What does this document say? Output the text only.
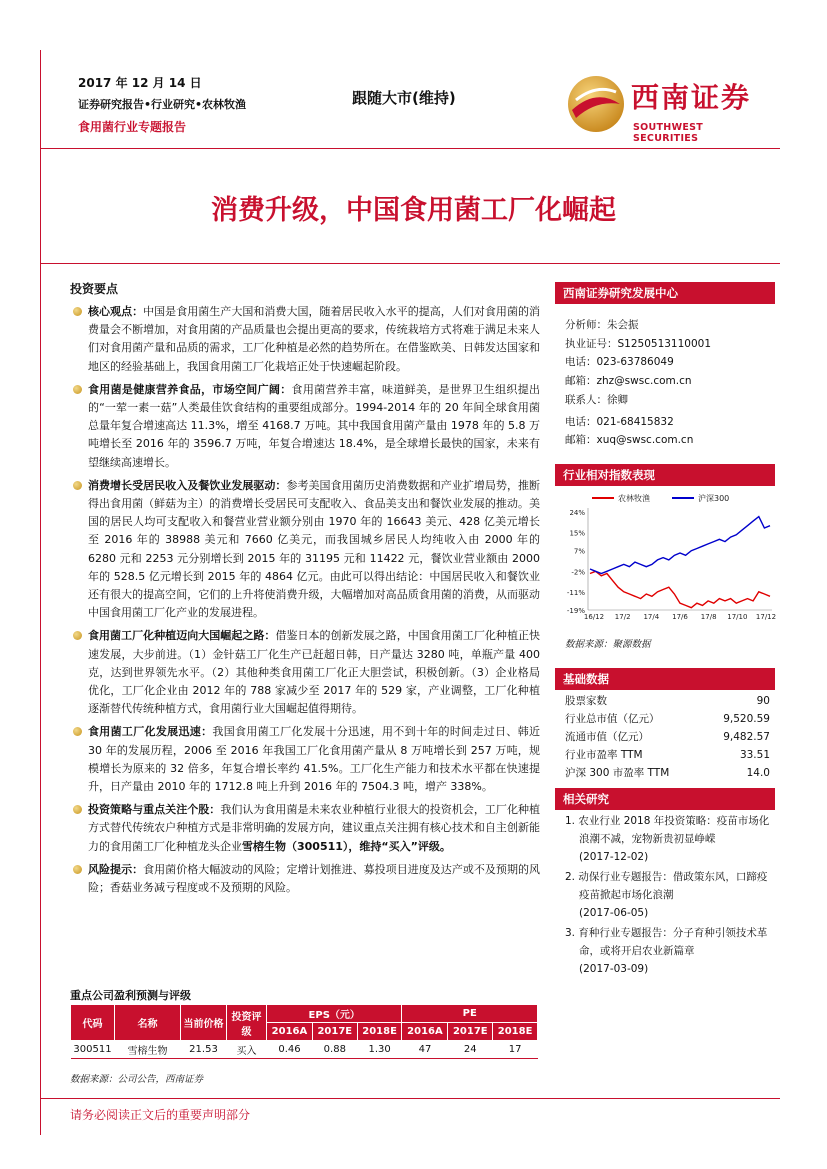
2017 年 12 月 14 日
证券研究报告•行业研究•农林牧渔
食用菌行业专题报告
跟随大市(维持)	西南证券
SOUTHWEST SECURITIES
消费升级，中国食用菌工厂化崛起
投资要点
核心观点：中国是食用菌生产大国和消费大国，随着居民收入水平的提高，人们对食用菌的消费量会不断增加，对食用菌的产品质量也会提出更高的要求，传统栽培方式将难于满足未来人们对食用菌产量和品质的需求，工厂化种植是必然的趋势所在。在借鉴欧美、日韩发达国家和地区的经验基础上，我国食用菌工厂化栽培正处于快速崛起阶段。
食用菌是健康营养食品，市场空间广阔：食用菌营养丰富，味道鲜美，是世界卫生组织提出的“一荤一素一菇”人类最佳饮食结构的重要组成部分。1994-2014 年的 20 年间全球食用菌总量年复合增速高达 11.3%，增至 4168.7 万吨。其中我国食用菌产量由 1978 年的 5.8 万吨增长至 2016 年的 3596.7 万吨，年复合增速达 18.4%，是全球增长最快的国家，未来有望继续高速增长。
消费增长受居民收入及餐饮业发展驱动：参考美国食用菌历史消费数据和产业扩增局势，推断得出食用菌（鲜菇为主）的消费增长受居民可支配收入、食品美支出和餐饮业发展的推动。美国的居民人均可支配收入和餐营业营业额分别由 1970 年的 16643 美元、428 亿美元增长至 2016 年的 38988 美元和 7660 亿美元，而我国城乡居民人均纯收入由 2000 年的 6280 元和 2253 元分别增长到 2015 年的 31195 元和 11422 元，餐饮业营业额由 2000 年的 528.5 亿元增长到 2015 年的 4864 亿元。由此可以得出结论：中国居民收入和餐饮业还有很大的提高空间，它们的上升将使消费升级，大幅增加对高品质食用菌的消费，从而驱动中国食用菌工厂化产业的发展进程。
食用菌工厂化种植迈向大国崛起之路：借鉴日本的创新发展之路，中国食用菌工厂化种植正快速发展，大步前进。（1）金针菇工厂化生产已赶超日韩，日产量达 3280 吨，单瓶产量 400 克，达到世界领先水平。（2）其他种类食用菌工厂化正大胆尝试，积极创新。（3）企业格局优化，工厂化企业由 2012 年的 788 家减少至 2017 年的 529 家，产业调整，工厂化种植逐渐替代传统种植方式，食用菌行业大国崛起值得期待。
食用菌工厂化发展迅速：我国食用菌工厂化发展十分迅速，用不到十年的时间走过日、韩近 30 年的发展历程，2006 至 2016 年我国工厂化食用菌产量从 8 万吨增长到 257 万吨，规模增长为原来的 32 倍多，年复合增长率约 41.5%。工厂化生产能力和技术水平都在快速提升，日产量由 2010 年的 1712.8 吨上升到 2016 年的 7504.3 吨，增产 338%。
投资策略与重点关注个股：我们认为食用菌是未来农业种植行业很大的投资机会，工厂化种植方式替代传统农户种植方式是非常明确的发展方向，建议重点关注拥有核心技术和自主创新能力的食用菌工厂化种植龙头企业雪榕生物（300511），维持“买入”评级。
风险提示：食用菌价格大幅波动的风险；定增计划推进、募投项目进度及达产或不及预期的风险；香菇业务减亏程度或不及预期的风险。
重点公司盈利预测与评级
代码	名称	当前价格	投资评级	EPS（元）			PE		
				2016A	2017E	2018E	2016A	2017E	2018E
300511	雪榕生物	21.53	买入	0.46	0.88	1.30	47	24	17
数据来源：公司公告，西南证券
请务必阅读正文后的重要声明部分
西南证券研究发展中心
分析师：朱会振
执业证号：S1250513110001
电话：023-63786049
邮箱：zhz@swsc.com.cn
联系人：徐卿
电话：021-68415832
邮箱：xuq@swsc.com.cn
行业相对指数表现
农林牧渔	沪深300
24%
15%
7%
-2%
-11%
-19%
16/12 17/2 17/4 17/6 17/8 17/10 17/12
数据来源：聚源数据
基础数据
股票家数	90
行业总市值（亿元）	9,520.59
流通市值（亿元）	9,482.57
行业市盈率 TTM	33.51
沪深 300 市盈率 TTM	14.0
相关研究
1. 农业行业 2018 年投资策略：疫苗市场化浪潮不减，宠物新贵初显峥嵘
(2017-12-02)
2. 动保行业专题报告：借政策东风，口蹄疫疫苗掀起市场化浪潮
(2017-06-05)
3. 育种行业专题报告：分子育种引领技术革命，或将开启农业新篇章
(2017-03-09)
